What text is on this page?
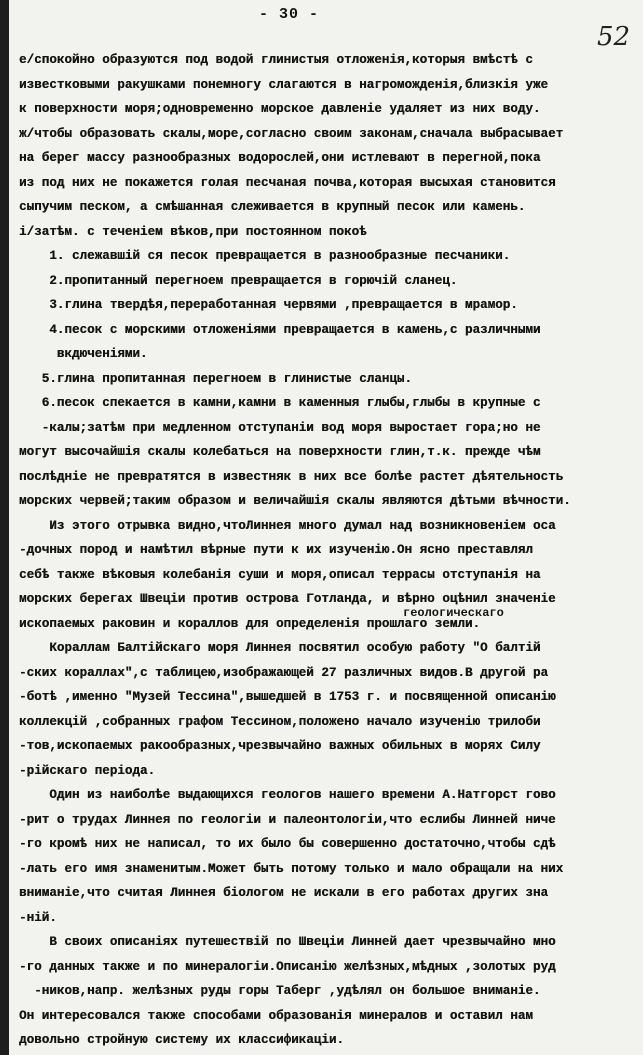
- 30 -
52
е/спокойно образуются под водой глинистыя отложенія,которыя вмѣстѣ с
известковыми ракушками понемногу слагаются в нагроможденія,близкія уже
к поверхности моря;одновременно морское давленіе удаляет из них воду.
ж/чтобы образовать скалы,море,согласно своим законам,сначала выбрасывает
на берег массу разнообразных водорослей,они истлевают в перегной,пока
из под них не покажется голая песчаная почва,которая высыхая становится
сыпучим песком, а смѣшанная слеживается в крупный песок или камень.
і/затѣм. с теченіем вѣков,при постоянном покоѣ
1. слежавшій ся песок превращается в разнообразные песчаники.
2.пропитанный перегноем превращается в горючій сланец.
3.глина твердѣя,переработанная червями ,превращается в мрамор.
4.песок с морскими отложеніями превращается в камень,с различными
вкдюченіями.
5.глина пропитанная перегноем в глинистые сланцы.
6.песок спекается в камни,камни в каменныя глыбы,глыбы в крупные с
-калы;затѣм при медленном отступаніи вод моря выростает гора;но не
могут высочайшія скалы колебаться на поверхности глин,т.к. прежде чѣм
послѣдніе не превратятся в известняк в них все болѣе растет дѣятельность
морских червей;таким образом и величайшія скалы являются дѣтьми вѣчности.
Из этого отрывка видно,чтоЛиннея много думал над возникновеніем оса
-дочных пород и намѣтил вѣрные пути к их изученію.Он ясно преставлял
себѣ также вѣковыя колебанія суши и моря,описал террасы отступанія на
морских берегах Швеціи против острова Готланда, и вѣрно оцѣнил значеніе
ископаемых раковин и кораллов для определенія прошлаго земли.
Кораллам Балтійскаго моря Линнея посвятил особую работу "О балтій
-ских кораллах",с таблицею,изображающей 27 различных видов.В другой ра
-ботѣ ,именно "Музей Тессина",вышедшей в 1753 г. и посвященной описанію
коллекцій ,собранных графом Тессином,положено начало изученію трилоби
-тов,ископаемых ракообразных,чрезвычайно важных обильных в морях Силу
-рійскаго періода.
Один из наиболѣе выдающихся геологов нашего времени А.Натгорст гово
-рит о трудах Линнея по геологіи и палеонтологіи,что еслибы Линней ниче
-го кромѣ них не написал, то их было бы совершенно достаточно,чтобы сдѣ
-лать его имя знаменитым.Может быть потому только и мало обращали на них
вниманіе,что считая Линнея біологом не искали в его работах других зна
-ній.
В своих описаніях путешествій по Швеціи Линней дает чрезвычайно мно
-го данных также и по минералогіи.Описанію желѣзных,мѣдных ,золотых руд
-ников,напр. желѣзных руды горы Таберг ,удѣлял он большое вниманіе.
Он интересовался также способами образованія минералов и оставил нам
довольно стройную систему их классификаціи.
геологическаго
